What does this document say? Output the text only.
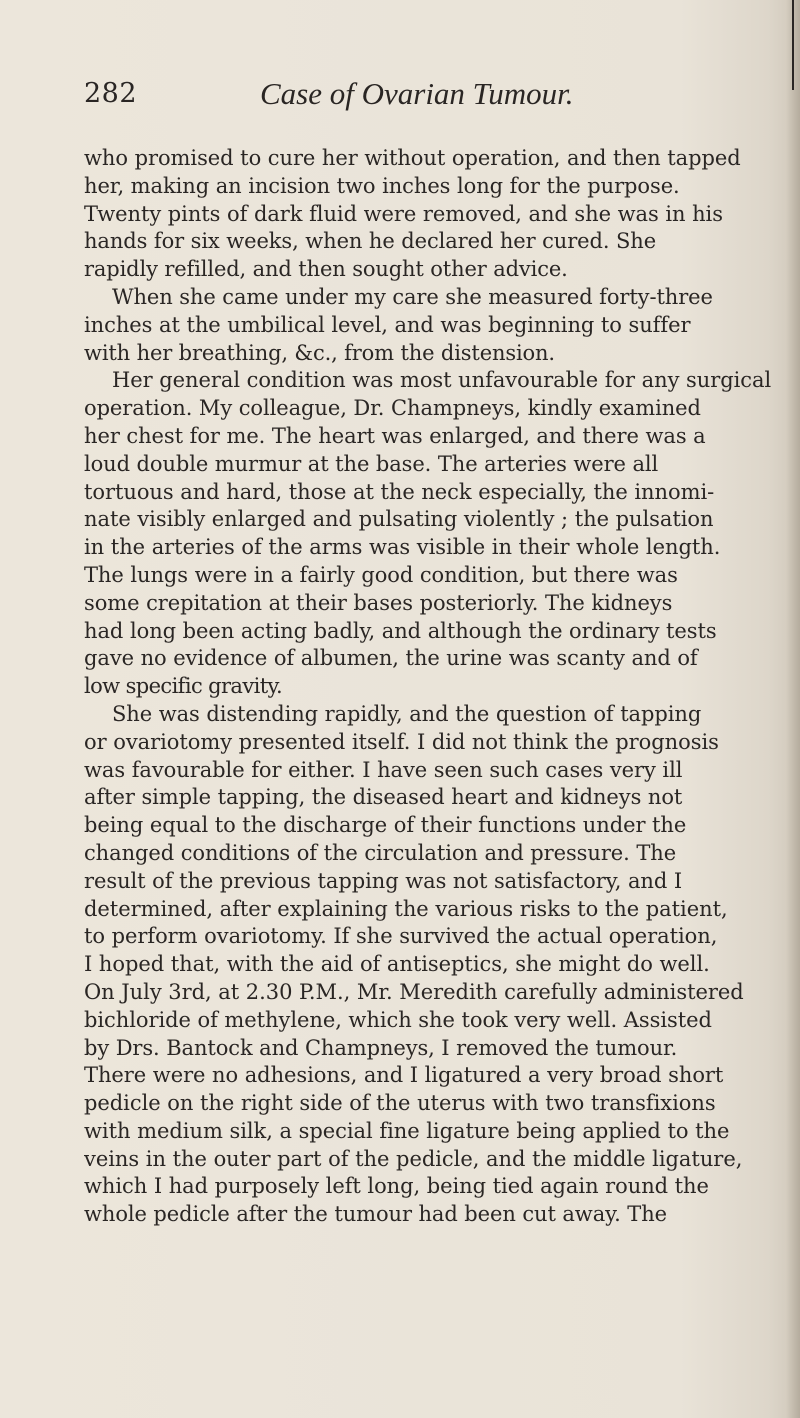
282	Case of Ovarian Tumour.
who promised to cure her without operation, and then tapped
her, making an incision two inches long for the purpose.
Twenty pints of dark fluid were removed, and she was in his
hands for six weeks, when he declared her cured. She
rapidly refilled, and then sought other advice.
When she came under my care she measured forty-three
inches at the umbilical level, and was beginning to suffer
with her breathing, &c., from the distension.
Her general condition was most unfavourable for any surgical
operation. My colleague, Dr. Champneys, kindly examined
her chest for me. The heart was enlarged, and there was a
loud double murmur at the base. The arteries were all
tortuous and hard, those at the neck especially, the innomi-
nate visibly enlarged and pulsating violently ; the pulsation
in the arteries of the arms was visible in their whole length.
The lungs were in a fairly good condition, but there was
some crepitation at their bases posteriorly. The kidneys
had long been acting badly, and although the ordinary tests
gave no evidence of albumen, the urine was scanty and of
low specific gravity.
She was distending rapidly, and the question of tapping
or ovariotomy presented itself. I did not think the prognosis
was favourable for either. I have seen such cases very ill
after simple tapping, the diseased heart and kidneys not
being equal to the discharge of their functions under the
changed conditions of the circulation and pressure. The
result of the previous tapping was not satisfactory, and I
determined, after explaining the various risks to the patient,
to perform ovariotomy. If she survived the actual operation,
I hoped that, with the aid of antiseptics, she might do well.
On July 3rd, at 2.30 P.M., Mr. Meredith carefully administered
bichloride of methylene, which she took very well. Assisted
by Drs. Bantock and Champneys, I removed the tumour.
There were no adhesions, and I ligatured a very broad short
pedicle on the right side of the uterus with two transfixions
with medium silk, a special fine ligature being applied to the
veins in the outer part of the pedicle, and the middle ligature,
which I had purposely left long, being tied again round the
whole pedicle after the tumour had been cut away. The
